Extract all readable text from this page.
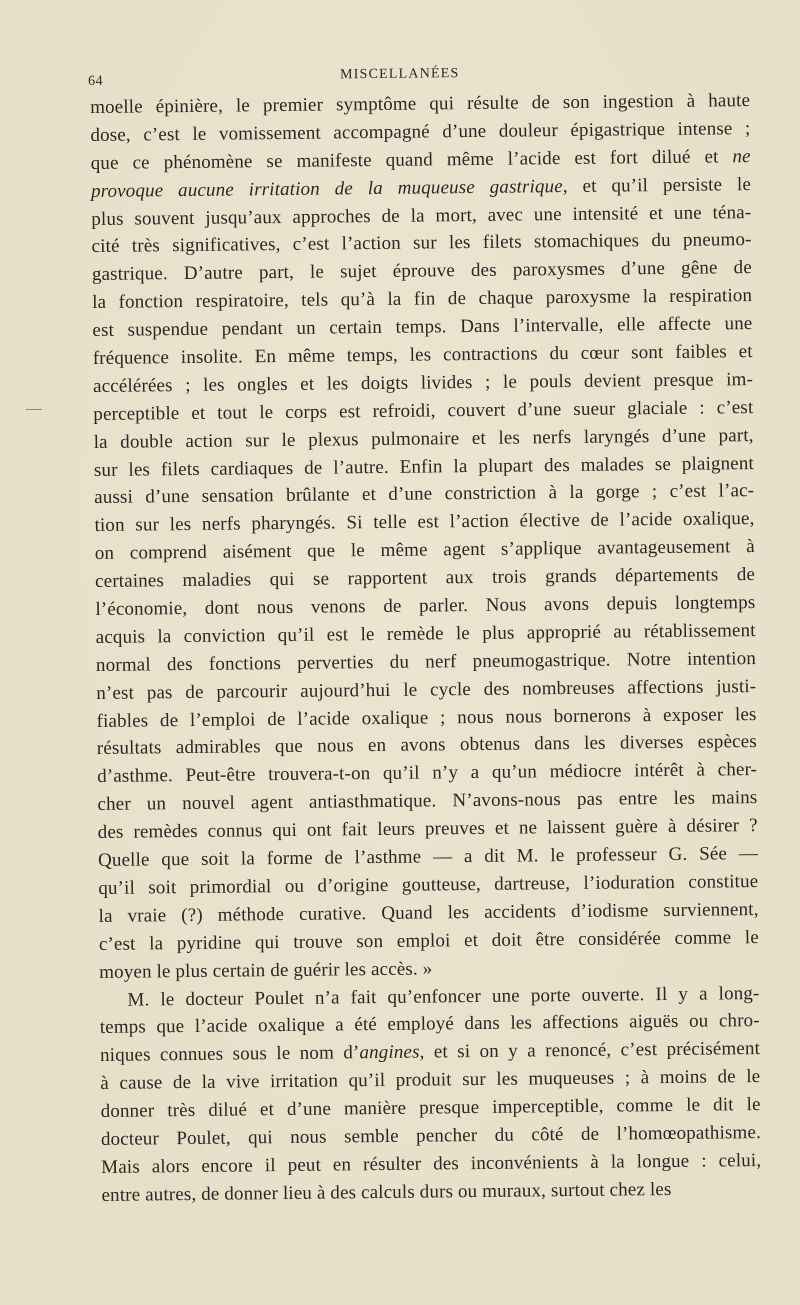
64	MISCELLANÉES
moelle épinière, le premier symptôme qui résulte de son ingestion à haute
dose, c’est le vomissement accompagné d’une douleur épigastrique intense ;
que ce phénomène se manifeste quand même l’acide est fort dilué et ne
provoque aucune irritation de la muqueuse gastrique, et qu’il persiste le
plus souvent jusqu’aux approches de la mort, avec une intensité et une téna-
cité très significatives, c’est l’action sur les filets stomachiques du pneumo-
gastrique. D’autre part, le sujet éprouve des paroxysmes d’une gêne de
la fonction respiratoire, tels qu’à la fin de chaque paroxysme la respiration
est suspendue pendant un certain temps. Dans l’intervalle, elle affecte une
fréquence insolite. En même temps, les contractions du cœur sont faibles et
accélérées ; les ongles et les doigts livides ; le pouls devient presque im-
perceptible et tout le corps est refroidi, couvert d’une sueur glaciale : c’est
la double action sur le plexus pulmonaire et les nerfs laryngés d’une part,
sur les filets cardiaques de l’autre. Enfin la plupart des malades se plaignent
aussi d’une sensation brûlante et d’une constriction à la gorge ; c’est l’ac-
tion sur les nerfs pharyngés. Si telle est l’action élective de l’acide oxalique,
on comprend aisément que le même agent s’applique avantageusement à
certaines maladies qui se rapportent aux trois grands départements de
l’économie, dont nous venons de parler. Nous avons depuis longtemps
acquis la conviction qu’il est le remède le plus approprié au rétablissement
normal des fonctions perverties du nerf pneumogastrique. Notre intention
n’est pas de parcourir aujourd’hui le cycle des nombreuses affections justi-
fiables de l’emploi de l’acide oxalique ; nous nous bornerons à exposer les
résultats admirables que nous en avons obtenus dans les diverses espèces
d’asthme. Peut-être trouvera-t-on qu’il n’y a qu’un médiocre intérêt à cher-
cher un nouvel agent antiasthmatique. N’avons-nous pas entre les mains
des remèdes connus qui ont fait leurs preuves et ne laissent guère à désirer ?
Quelle que soit la forme de l’asthme — a dit M. le professeur G. Sée —
qu’il soit primordial ou d’origine goutteuse, dartreuse, l’ioduration constitue
la vraie (?) méthode curative. Quand les accidents d’iodisme surviennent,
c’est la pyridine qui trouve son emploi et doit être considérée comme le
moyen le plus certain de guérir les accès. »
M. le docteur Poulet n’a fait qu’enfoncer une porte ouverte. Il y a long-
temps que l’acide oxalique a été employé dans les affections aiguës ou chro-
niques connues sous le nom d’angines, et si on y a renoncé, c’est précisément
à cause de la vive irritation qu’il produit sur les muqueuses ; à moins de le
donner très dilué et d’une manière presque imperceptible, comme le dit le
docteur Poulet, qui nous semble pencher du côté de l’homœopathisme.
Mais alors encore il peut en résulter des inconvénients à la longue : celui,
entre autres, de donner lieu à des calculs durs ou muraux, surtout chez les
